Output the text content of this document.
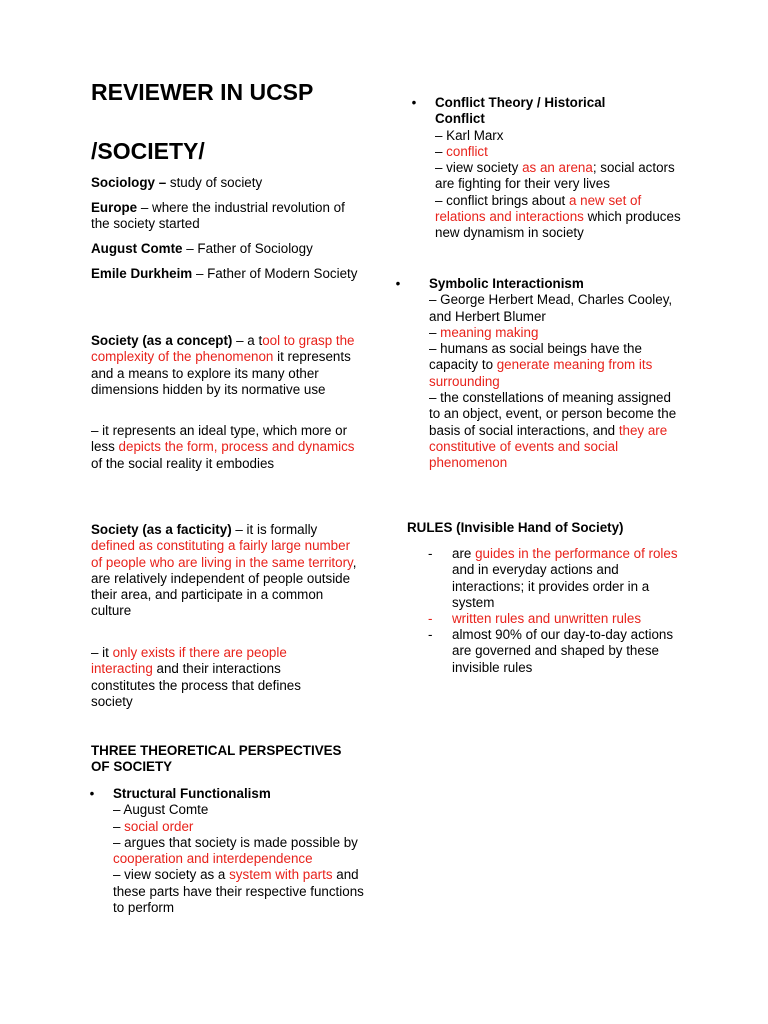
REVIEWER IN UCSP
/SOCIETY/

Sociology – study of society

Europe – where the industrial revolution of the society started

August Comte – Father of Sociology

Emile Durkheim – Father of Modern Society

Society (as a concept) – a tool to grasp the complexity of the phenomenon it represents and a means to explore its many other dimensions hidden by its normative use

– it represents an ideal type, which more or less depicts the form, process and dynamics of the social reality it embodies

Society (as a facticity) – it is formally defined as constituting a fairly large number of people who are living in the same territory, are relatively independent of people outside their area, and participate in a common culture

– it only exists if there are people interacting and their interactions constitutes the process that defines society

THREE THEORETICAL PERSPECTIVES OF SOCIETY

• Structural Functionalism
– August Comte
– social order
– argues that society is made possible by cooperation and interdependence
– view society as a system with parts and these parts have their respective functions to perform
• Conflict Theory / Historical Conflict
– Karl Marx
– conflict
– view society as an arena; social actors are fighting for their very lives
– conflict brings about a new set of relations and interactions which produces new dynamism in society
• Symbolic Interactionism
– George Herbert Mead, Charles Cooley, and Herbert Blumer
– meaning making
– humans as social beings have the capacity to generate meaning from its surrounding
– the constellations of meaning assigned to an object, event, or person become the basis of social interactions, and they are constitutive of events and social phenomenon

RULES (Invisible Hand of Society)

-	are guides in the performance of roles and in everyday actions and interactions; it provides order in a system
-	written rules and unwritten rules
-	almost 90% of our day-to-day actions are governed and shaped by these invisible rules
